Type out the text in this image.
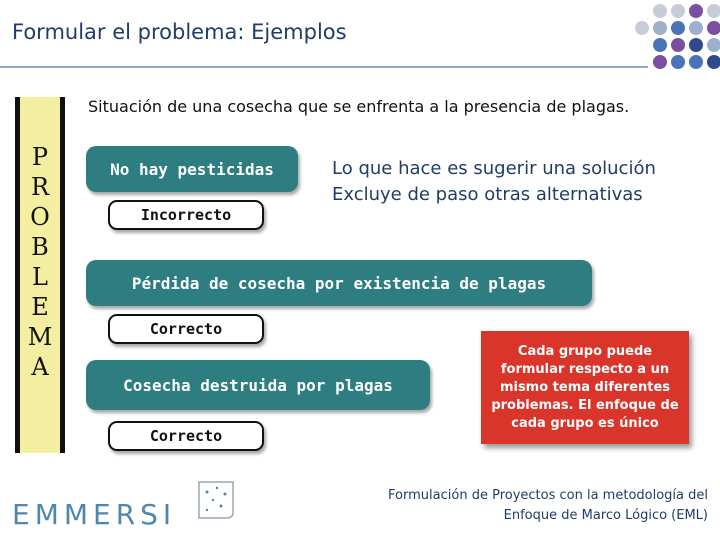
Formular el problema: Ejemplos
Situación de una cosecha que se enfrenta a la presencia de plagas.
P
R
O
B
L
E
M
A
No hay pesticidas
Incorrecto
Lo que hace es sugerir una solución
Excluye de paso otras alternativas
Pérdida de cosecha por existencia de plagas
Correcto
Cosecha destruida por plagas
Correcto
Cada grupo puede formular respecto a un mismo tema diferentes problemas. El enfoque de cada grupo es único
EMMERSI
Formulación de Proyectos con la metodología del
Enfoque de Marco Lógico (EML)
